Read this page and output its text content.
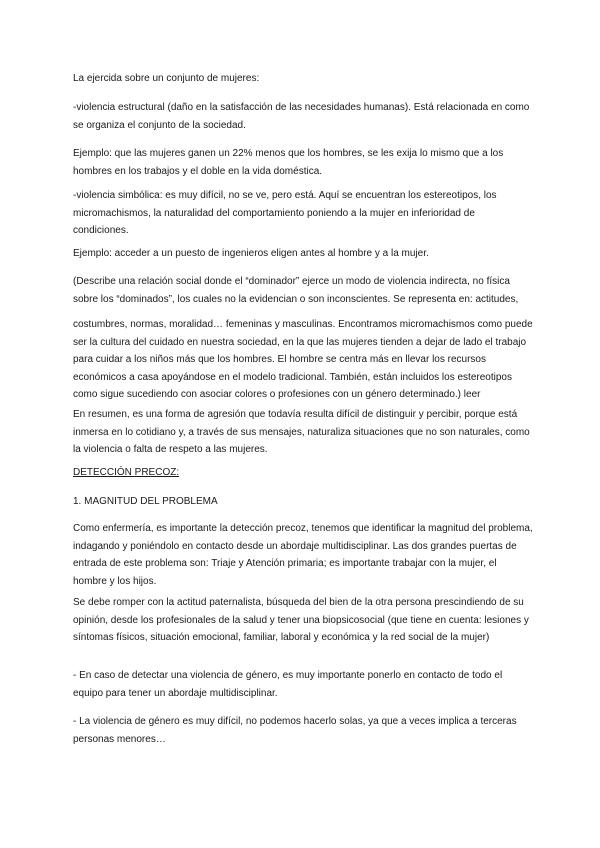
La ejercida sobre un conjunto de mujeres:

-violencia estructural (daño en la satisfacción de las necesidades humanas). Está relacionada en como se organiza el conjunto de la sociedad.

Ejemplo: que las mujeres ganen un 22% menos que los hombres, se les exija lo mismo que a los hombres en los trabajos y el doble en la vida doméstica.

-violencia simbólica: es muy difícil, no se ve, pero está. Aquí se encuentran los estereotipos, los micromachismos, la naturalidad del comportamiento poniendo a la mujer en inferioridad de condiciones.

Ejemplo: acceder a un puesto de ingenieros eligen antes al hombre y a la mujer.

(Describe una relación social donde el “dominador” ejerce un modo de violencia indirecta, no física sobre los “dominados”, los cuales no la evidencian o son inconscientes. Se representa en: actitudes,

costumbres, normas, moralidad… femeninas y masculinas. Encontramos micromachismos como puede ser la cultura del cuidado en nuestra sociedad, en la que las mujeres tienden a dejar de lado el trabajo para cuidar a los niños más que los hombres. El hombre se centra más en llevar los recursos económicos a casa apoyándose en el modelo tradicional. También, están incluidos los estereotipos como sigue sucediendo con asociar colores o profesiones con un género determinado.) leer

En resumen, es una forma de agresión que todavía resulta difícil de distinguir y percibir, porque está inmersa en lo cotidiano y, a través de sus mensajes, naturaliza situaciones que no son naturales, como la violencia o falta de respeto a las mujeres.

DETECCIÓN PRECOZ:

1. MAGNITUD DEL PROBLEMA

Como enfermería, es importante la detección precoz, tenemos que identificar la magnitud del problema, indagando y poniéndolo en contacto desde un abordaje multidisciplinar. Las dos grandes puertas de entrada de este problema son: Triaje y Atención primaria; es importante trabajar con la mujer, el hombre y los hijos.

Se debe romper con la actitud paternalista, búsqueda del bien de la otra persona prescindiendo de su opinión, desde los profesionales de la salud y tener una biopsicosocial (que tiene en cuenta: lesiones y síntomas físicos, situación emocional, familiar, laboral y económica y la red social de la mujer)

- En caso de detectar una violencia de género, es muy importante ponerlo en contacto de todo el equipo para tener un abordaje multidisciplinar.

- La violencia de género es muy difícil, no podemos hacerlo solas, ya que a veces implica a terceras personas menores…
